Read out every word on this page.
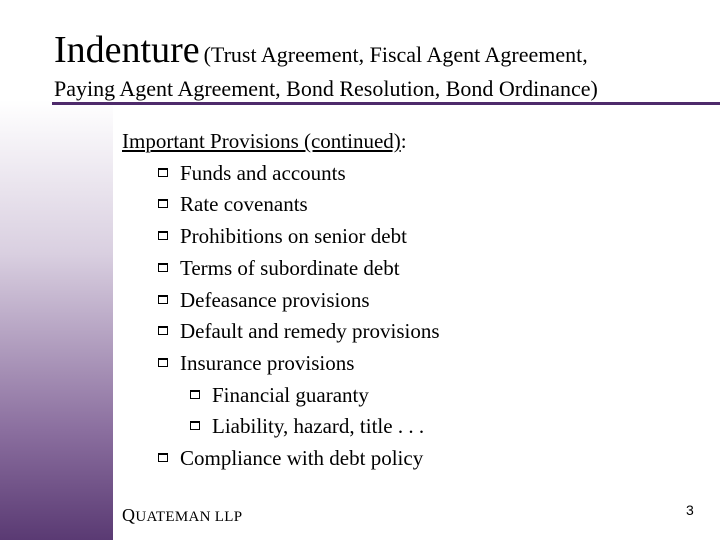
Indenture (Trust Agreement, Fiscal Agent Agreement,
Paying Agent Agreement, Bond Resolution, Bond Ordinance)
Important Provisions (continued):
Funds and accounts
Rate covenants
Prohibitions on senior debt
Terms of subordinate debt
Defeasance provisions
Default and remedy provisions
Insurance provisions
Financial guaranty
Liability, hazard, title . . .
Compliance with debt policy
QUATEMAN LLP	3
